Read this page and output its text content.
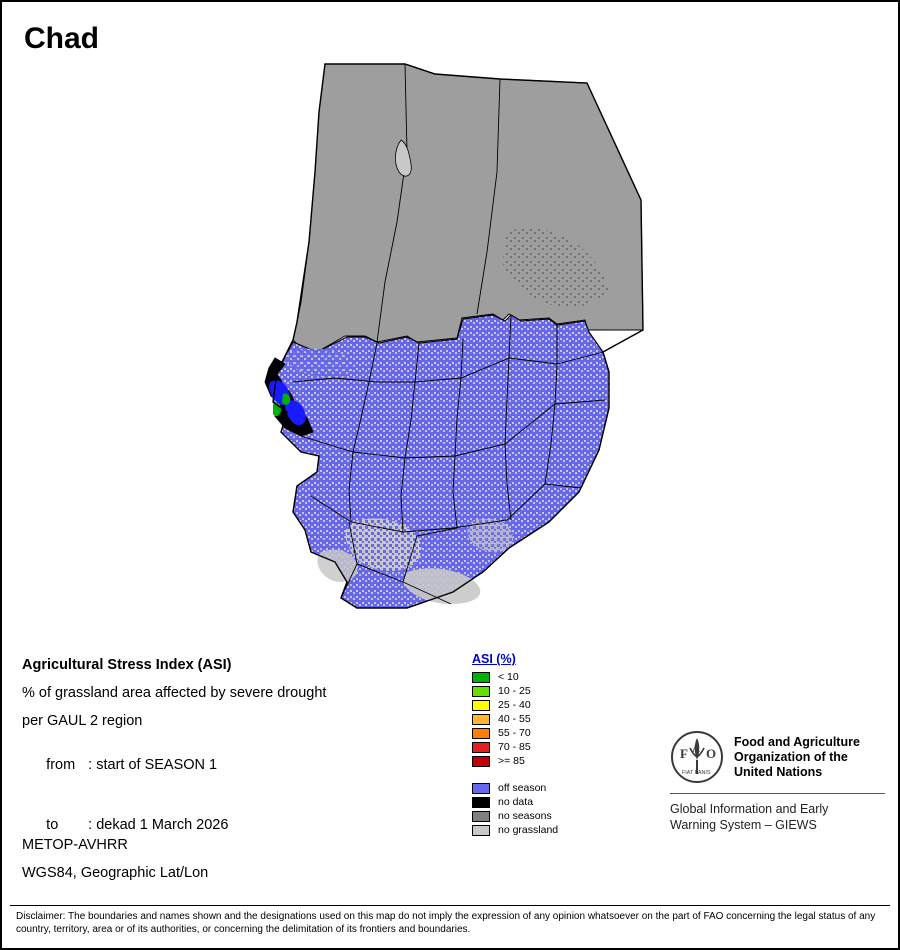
Chad
Agricultural Stress Index (ASI)
% of grassland area affected by severe drought
per GAUL 2 region

from : start of SEASON 1

to : dekad 1 March 2026

METOP-AVHRR
WGS84, Geographic Lat/Lon
ASI (%)
< 10
10 - 25
25 - 40
40 - 55
55 - 70
70 - 85
>= 85
off season
no data
no seasons
no grassland
F O
A
FIAT PANIS
Food and Agriculture
Organization of the
United Nations
Global Information and Early
Warning System – GIEWS
Disclaimer: The boundaries and names shown and the designations used on this map do not imply the expression of any opinion whatsoever on the part of FAO concerning the legal status of any country, territory, area or of its authorities, or concerning the delimitation of its frontiers and boundaries.
